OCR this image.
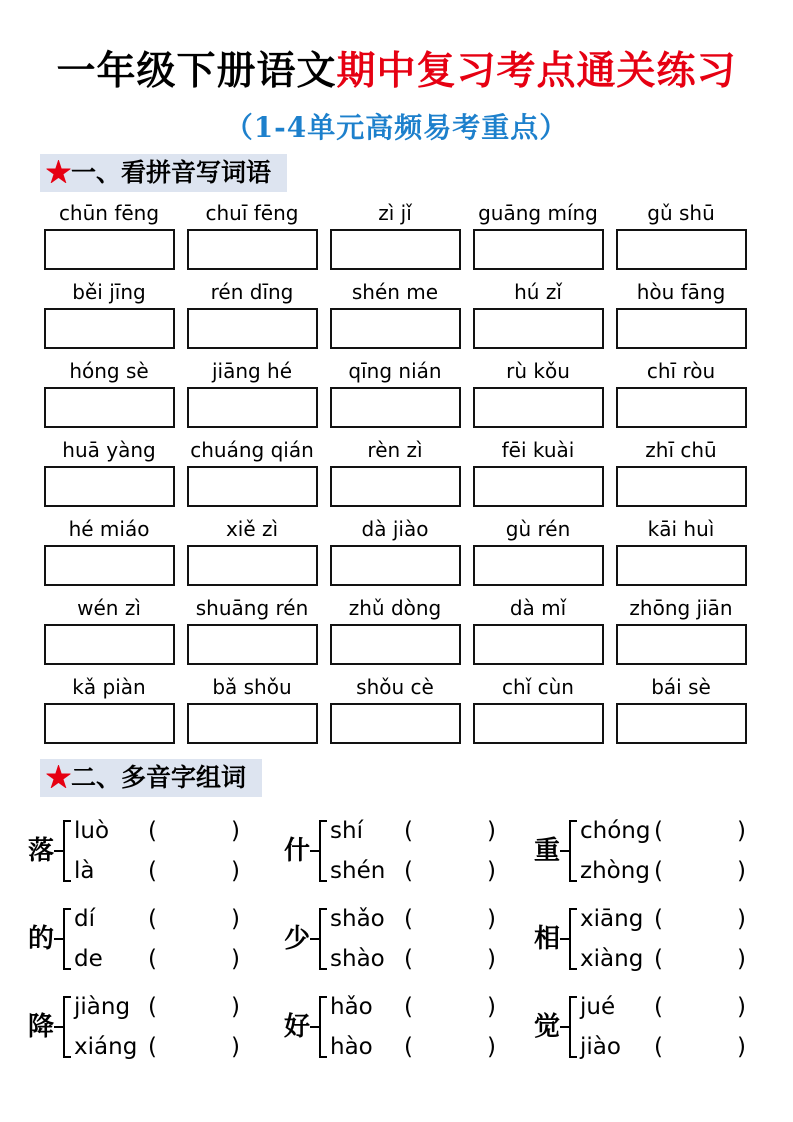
一年级下册语文期中复习考点通关练习
（1-4单元高频易考重点）
★一、看拼音写词语
chūn fēng	chuī fēng	zì jǐ	guāng míng	gǔ shū
běi jīng	rén dīng	shén me	hú zǐ	hòu fāng
hóng sè	jiāng hé	qīng nián	rù kǒu	chī ròu
huā yàng	chuáng qián	rèn zì	fēi kuài	zhī chū
hé miáo	xiě zì	dà jiào	gù rén	kāi huì
wén zì	shuāng rén	zhǔ dòng	dà mǐ	zhōng jiān
kǎ piàn	bǎ shǒu	shǒu cè	chǐ cùn	bái sè
★二、多音字组词
落
luò	(	)
là	(	)
什
shí	(	)
shén (	)
重
chóng (	)
zhòng (	)
的
dí	(	)
de	(	)
少
shǎo (	)
shào (	)
相
xiāng (	)
xiàng (	)
降
jiàng (	)
xiáng (	)
好
hǎo	(	)
hào	(	)
觉
jué	(	)
jiào	(	)
